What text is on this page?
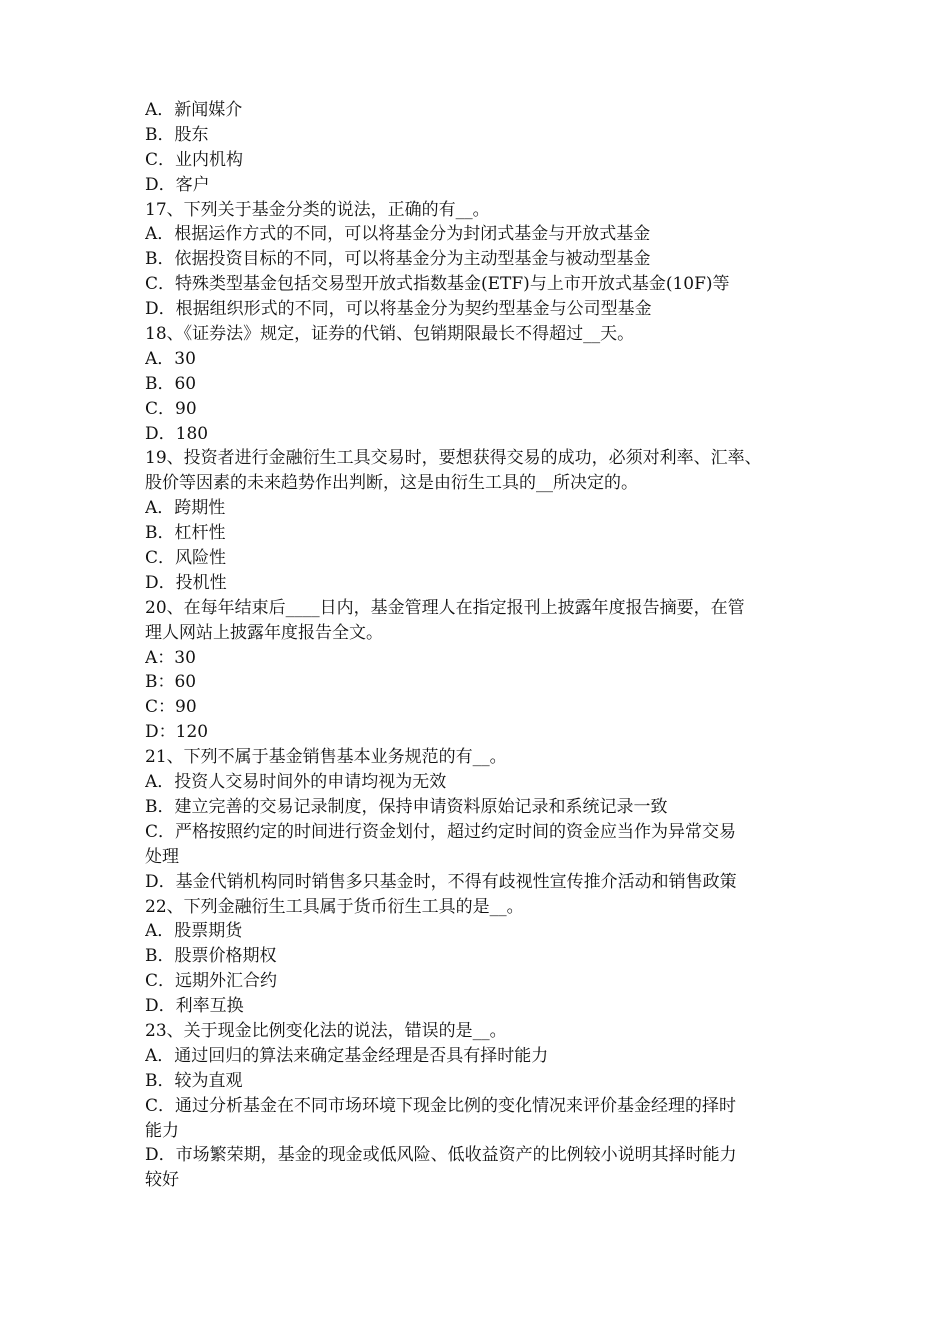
A．新闻媒介
B．股东
C．业内机构
D．客户
17、下列关于基金分类的说法，正确的有__。
A．根据运作方式的不同，可以将基金分为封闭式基金与开放式基金
B．依据投资目标的不同，可以将基金分为主动型基金与被动型基金
C．特殊类型基金包括交易型开放式指数基金(ETF)与上市开放式基金(10F)等
D．根据组织形式的不同，可以将基金分为契约型基金与公司型基金
18、《证券法》规定，证券的代销、包销期限最长不得超过__天。
A．30
B．60
C．90
D．180
19、投资者进行金融衍生工具交易时，要想获得交易的成功，必须对利率、汇率、
股价等因素的未来趋势作出判断，这是由衍生工具的__所决定的。
A．跨期性
B．杠杆性
C．风险性
D．投机性
20、在每年结束后____日内，基金管理人在指定报刊上披露年度报告摘要，在管
理人网站上披露年度报告全文。
A：30
B：60
C：90
D：120
21、下列不属于基金销售基本业务规范的有__。
A．投资人交易时间外的申请均视为无效
B．建立完善的交易记录制度，保持申请资料原始记录和系统记录一致
C．严格按照约定的时间进行资金划付，超过约定时间的资金应当作为异常交易
处理
D．基金代销机构同时销售多只基金时，不得有歧视性宣传推介活动和销售政策
22、下列金融衍生工具属于货币衍生工具的是__。
A．股票期货
B．股票价格期权
C．远期外汇合约
D．利率互换
23、关于现金比例变化法的说法，错误的是__。
A．通过回归的算法来确定基金经理是否具有择时能力
B．较为直观
C．通过分析基金在不同市场环境下现金比例的变化情况来评价基金经理的择时
能力
D．市场繁荣期，基金的现金或低风险、低收益资产的比例较小说明其择时能力
较好
